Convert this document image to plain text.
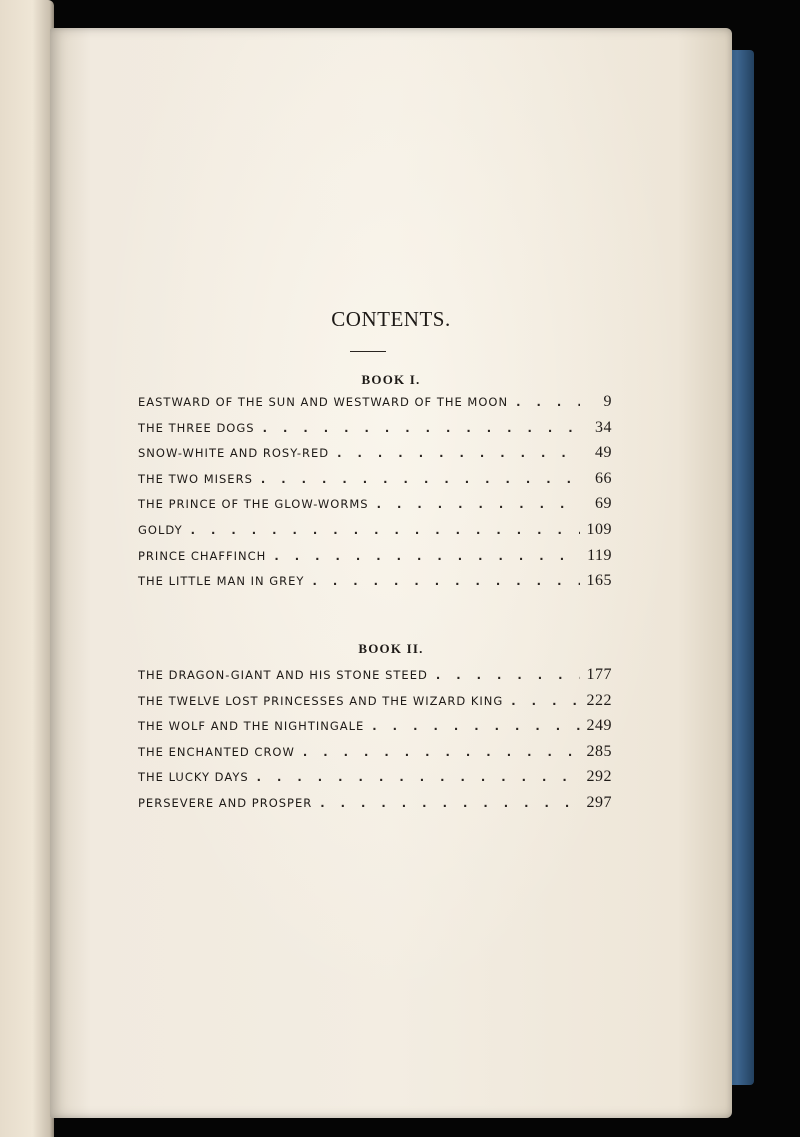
CONTENTS.
BOOK I.
EASTWARD OF THE SUN AND WESTWARD OF THE MOON .	9
THE THREE DOGS .	34
SNOW-WHITE AND ROSY-RED .	49
THE TWO MISERS .	66
THE PRINCE OF THE GLOW-WORMS .	69
GOLDY .	109
PRINCE CHAFFINCH .	119
THE LITTLE MAN IN GREY .	165
BOOK II.
THE DRAGON-GIANT AND HIS STONE STEED .	177
THE TWELVE LOST PRINCESSES AND THE WIZARD KING .	222
THE WOLF AND THE NIGHTINGALE .	249
THE ENCHANTED CROW .	285
THE LUCKY DAYS .	292
PERSEVERE AND PROSPER .	297
